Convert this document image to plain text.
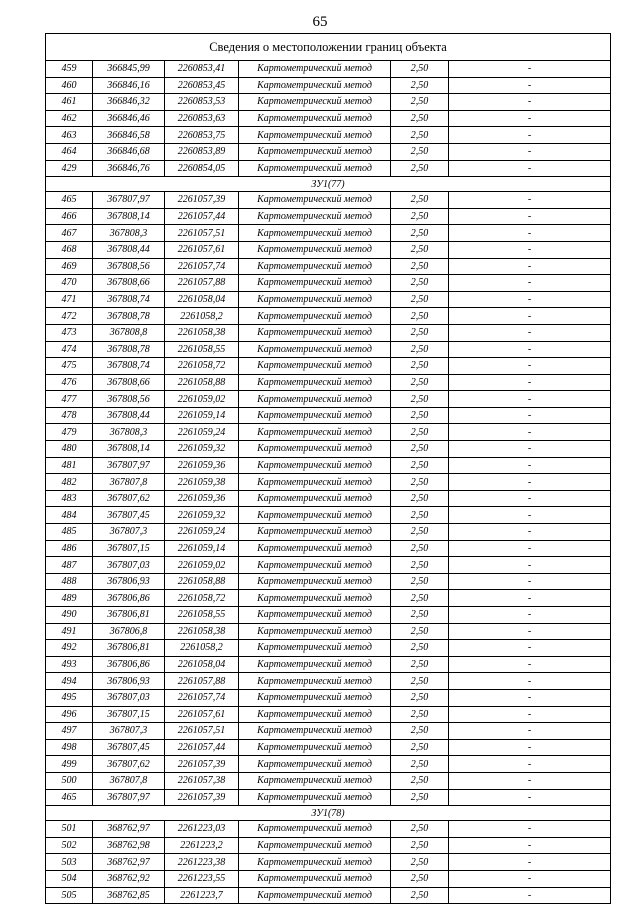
65
Сведения о местоположении границ объекта					
459	366845,99	2260853,41	Картометрический метод	2,50	-
460	366846,16	2260853,45	Картометрический метод	2,50	-
461	366846,32	2260853,53	Картометрический метод	2,50	-
462	366846,46	2260853,63	Картометрический метод	2,50	-
463	366846,58	2260853,75	Картометрический метод	2,50	-
464	366846,68	2260853,89	Картометрический метод	2,50	-
429	366846,76	2260854,05	Картометрический метод	2,50	-
ЗУ1(77)					
465	367807,97	2261057,39	Картометрический метод	2,50	-
466	367808,14	2261057,44	Картометрический метод	2,50	-
467	367808,3	2261057,51	Картометрический метод	2,50	-
468	367808,44	2261057,61	Картометрический метод	2,50	-
469	367808,56	2261057,74	Картометрический метод	2,50	-
470	367808,66	2261057,88	Картометрический метод	2,50	-
471	367808,74	2261058,04	Картометрический метод	2,50	-
472	367808,78	2261058,2	Картометрический метод	2,50	-
473	367808,8	2261058,38	Картометрический метод	2,50	-
474	367808,78	2261058,55	Картометрический метод	2,50	-
475	367808,74	2261058,72	Картометрический метод	2,50	-
476	367808,66	2261058,88	Картометрический метод	2,50	-
477	367808,56	2261059,02	Картометрический метод	2,50	-
478	367808,44	2261059,14	Картометрический метод	2,50	-
479	367808,3	2261059,24	Картометрический метод	2,50	-
480	367808,14	2261059,32	Картометрический метод	2,50	-
481	367807,97	2261059,36	Картометрический метод	2,50	-
482	367807,8	2261059,38	Картометрический метод	2,50	-
483	367807,62	2261059,36	Картометрический метод	2,50	-
484	367807,45	2261059,32	Картометрический метод	2,50	-
485	367807,3	2261059,24	Картометрический метод	2,50	-
486	367807,15	2261059,14	Картометрический метод	2,50	-
487	367807,03	2261059,02	Картометрический метод	2,50	-
488	367806,93	2261058,88	Картометрический метод	2,50	-
489	367806,86	2261058,72	Картометрический метод	2,50	-
490	367806,81	2261058,55	Картометрический метод	2,50	-
491	367806,8	2261058,38	Картометрический метод	2,50	-
492	367806,81	2261058,2	Картометрический метод	2,50	-
493	367806,86	2261058,04	Картометрический метод	2,50	-
494	367806,93	2261057,88	Картометрический метод	2,50	-
495	367807,03	2261057,74	Картометрический метод	2,50	-
496	367807,15	2261057,61	Картометрический метод	2,50	-
497	367807,3	2261057,51	Картометрический метод	2,50	-
498	367807,45	2261057,44	Картометрический метод	2,50	-
499	367807,62	2261057,39	Картометрический метод	2,50	-
500	367807,8	2261057,38	Картометрический метод	2,50	-
465	367807,97	2261057,39	Картометрический метод	2,50	-
ЗУ1(78)					
501	368762,97	2261223,03	Картометрический метод	2,50	-
502	368762,98	2261223,2	Картометрический метод	2,50	-
503	368762,97	2261223,38	Картометрический метод	2,50	-
504	368762,92	2261223,55	Картометрический метод	2,50	-
505	368762,85	2261223,7	Картометрический метод	2,50	-
